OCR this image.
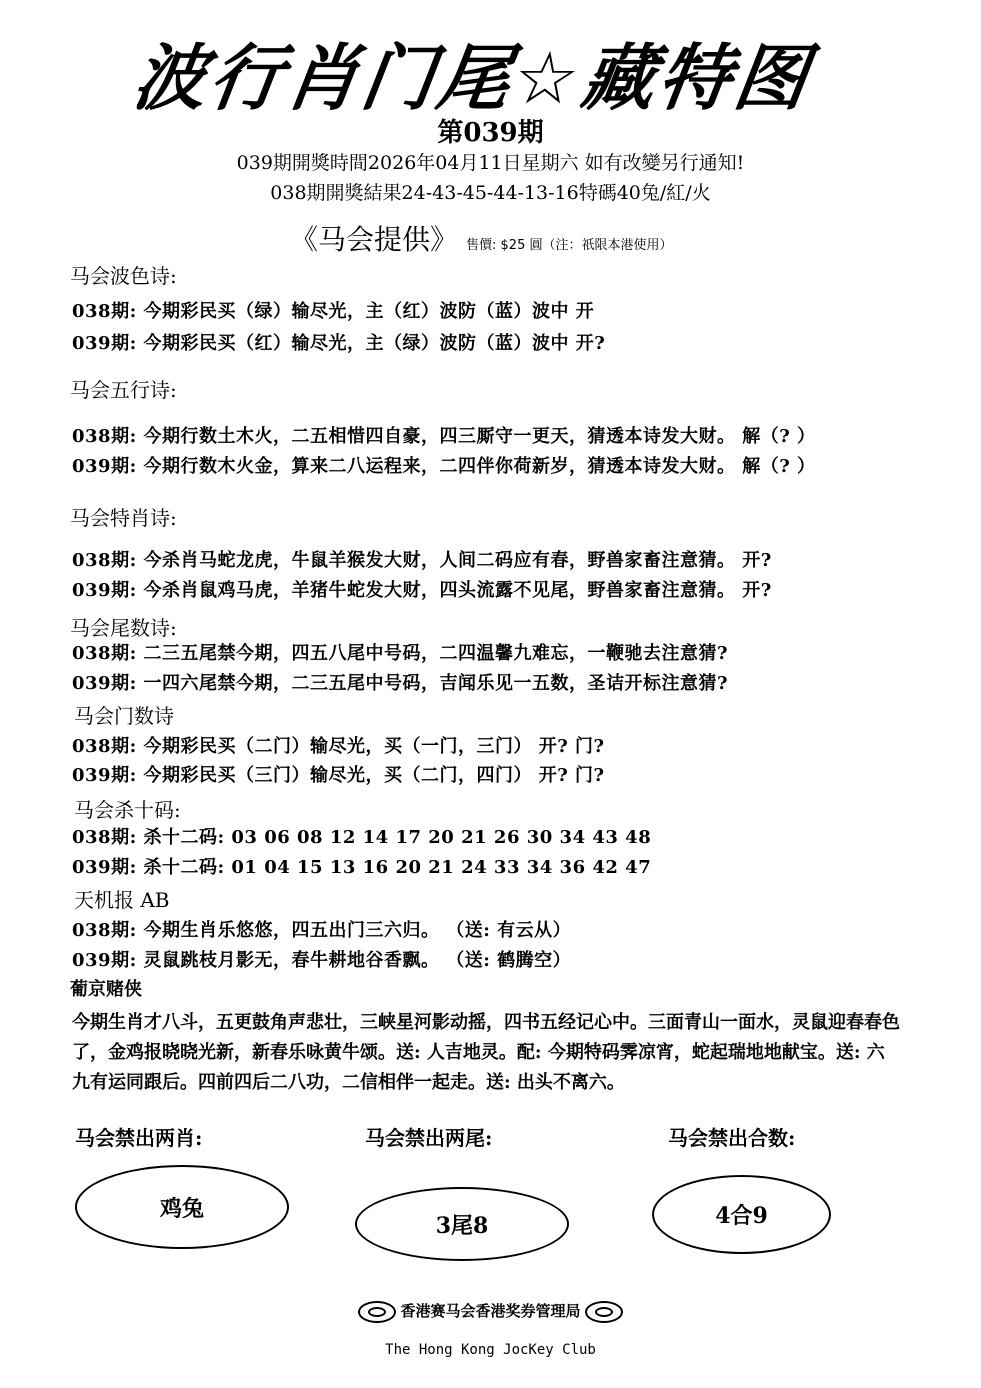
波行肖门尾☆藏特图
第039期
039期開獎時間2026年04月11日星期六 如有改變另行通知!
038期開獎結果24-43-45-44-13-16特碼40兔/紅/火
《马会提供》 售價: $25 圓（注：祇限本港使用）
马会波色诗:
038期: 今期彩民买（绿）输尽光，主（红）波防（蓝）波中 开
039期: 今期彩民买（红）输尽光，主（绿）波防（蓝）波中 开?
马会五行诗:
038期: 今期行数土木火，二五相惜四自豪，四三厮守一更天，猜透本诗发大财。 解（? ）
039期: 今期行数木火金，算来二八运程来，二四伴你荷新岁，猜透本诗发大财。 解（? ）
马会特肖诗:
038期: 今杀肖马蛇龙虎，牛鼠羊猴发大财，人间二码应有春，野兽家畜注意猜。 开?
039期: 今杀肖鼠鸡马虎，羊猪牛蛇发大财，四头流露不见尾，野兽家畜注意猜。 开?
马会尾数诗:
038期: 二三五尾禁今期，四五八尾中号码，二四温馨九难忘，一鞭驰去注意猜?
039期: 一四六尾禁今期，二三五尾中号码，吉闻乐见一五数，圣诘开标注意猜?
马会门数诗
038期: 今期彩民买（二门）输尽光，买（一门，三门） 开? 门?
039期: 今期彩民买（三门）输尽光，买（二门，四门） 开? 门?
马会杀十码:
038期: 杀十二码: 03 06 08 12 14 17 20 21 26 30 34 43 48
039期: 杀十二码: 01 04 15 13 16 20 21 24 33 34 36 42 47
天机报 AB
038期: 今期生肖乐悠悠，四五出门三六归。 （送: 有云从）
039期: 灵鼠跳枝月影无，春牛耕地谷香飘。 （送: 鹤腾空）
葡京赌侠
今期生肖才八斗，五更鼓角声悲壮，三峡星河影动摇，四书五经记心中。三面青山一面水，灵鼠迎春春色了，金鸡报晓晓光新，新春乐咏黄牛颂。送: 人吉地灵。配: 今期特码霁凉宵，蛇起瑞地地献宝。送: 六九有运同跟后。四前四后二八功，二信相伴一起走。送: 出头不离六。
马会禁出两肖:	马会禁出两尾:	马会禁出合数:
鸡兔
3尾8	4合9
香港赛马会香港奖券管理局
The Hong Kong JocKey Club
